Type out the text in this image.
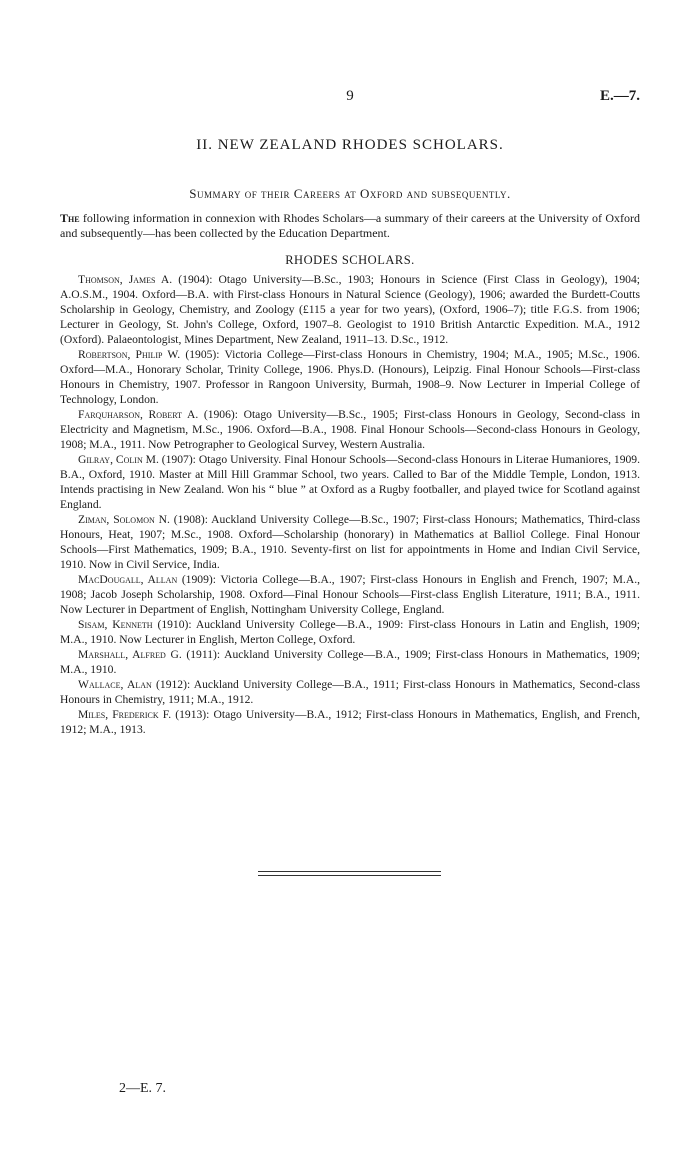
9	E.—7.
II. NEW ZEALAND RHODES SCHOLARS.
Summary of their Careers at Oxford and subsequently.
The following information in connexion with Rhodes Scholars—a summary of their careers at the University of Oxford and subsequently—has been collected by the Education Department.
RHODES SCHOLARS.

Thomson, James A. (1904): Otago University—B.Sc., 1903; Honours in Science (First Class in Geology), 1904; A.O.S.M., 1904. Oxford—B.A. with First-class Honours in Natural Science (Geology), 1906; awarded the Burdett-Coutts Scholarship in Geology, Chemistry, and Zoology (£115 a year for two years), (Oxford, 1906–7); title F.G.S. from 1906; Lecturer in Geology, St. John's College, Oxford, 1907–8. Geologist to 1910 British Antarctic Expedition. M.A., 1912 (Oxford). Palaeontologist, Mines Department, New Zealand, 1911–13. D.Sc., 1912.

Robertson, Philip W. (1905): Victoria College—First-class Honours in Chemistry, 1904; M.A., 1905; M.Sc., 1906. Oxford—M.A., Honorary Scholar, Trinity College, 1906. Phys.D. (Honours), Leipzig. Final Honour Schools—First-class Honours in Chemistry, 1907. Professor in Rangoon University, Burmah, 1908–9. Now Lecturer in Imperial College of Technology, London.

Farquharson, Robert A. (1906): Otago University—B.Sc., 1905; First-class Honours in Geology, Second-class in Electricity and Magnetism, M.Sc., 1906. Oxford—B.A., 1908. Final Honour Schools—Second-class Honours in Geology, 1908; M.A., 1911. Now Petrographer to Geological Survey, Western Australia.

Gilray, Colin M. (1907): Otago University. Final Honour Schools—Second-class Honours in Literae Humaniores, 1909. B.A., Oxford, 1910. Master at Mill Hill Grammar School, two years. Called to Bar of the Middle Temple, London, 1913. Intends practising in New Zealand. Won his “ blue ” at Oxford as a Rugby footballer, and played twice for Scotland against England.

Ziman, Solomon N. (1908): Auckland University College—B.Sc., 1907; First-class Honours; Mathematics, Third-class Honours, Heat, 1907; M.Sc., 1908. Oxford—Scholarship (honorary) in Mathematics at Balliol College. Final Honour Schools—First Mathematics, 1909; B.A., 1910. Seventy-first on list for appointments in Home and Indian Civil Service, 1910. Now in Civil Service, India.

MacDougall, Allan (1909): Victoria College—B.A., 1907; First-class Honours in English and French, 1907; M.A., 1908; Jacob Joseph Scholarship, 1908. Oxford—Final Honour Schools—First-class English Literature, 1911; B.A., 1911. Now Lecturer in Department of English, Nottingham University College, England.

Sisam, Kenneth (1910): Auckland University College—B.A., 1909: First-class Honours in Latin and English, 1909; M.A., 1910. Now Lecturer in English, Merton College, Oxford.

Marshall, Alfred G. (1911): Auckland University College—B.A., 1909; First-class Honours in Mathematics, 1909; M.A., 1910.

Wallace, Alan (1912): Auckland University College—B.A., 1911; First-class Honours in Mathematics, Second-class Honours in Chemistry, 1911; M.A., 1912.

Miles, Frederick F. (1913): Otago University—B.A., 1912; First-class Honours in Mathematics, English, and French, 1912; M.A., 1913.

2—E. 7.
